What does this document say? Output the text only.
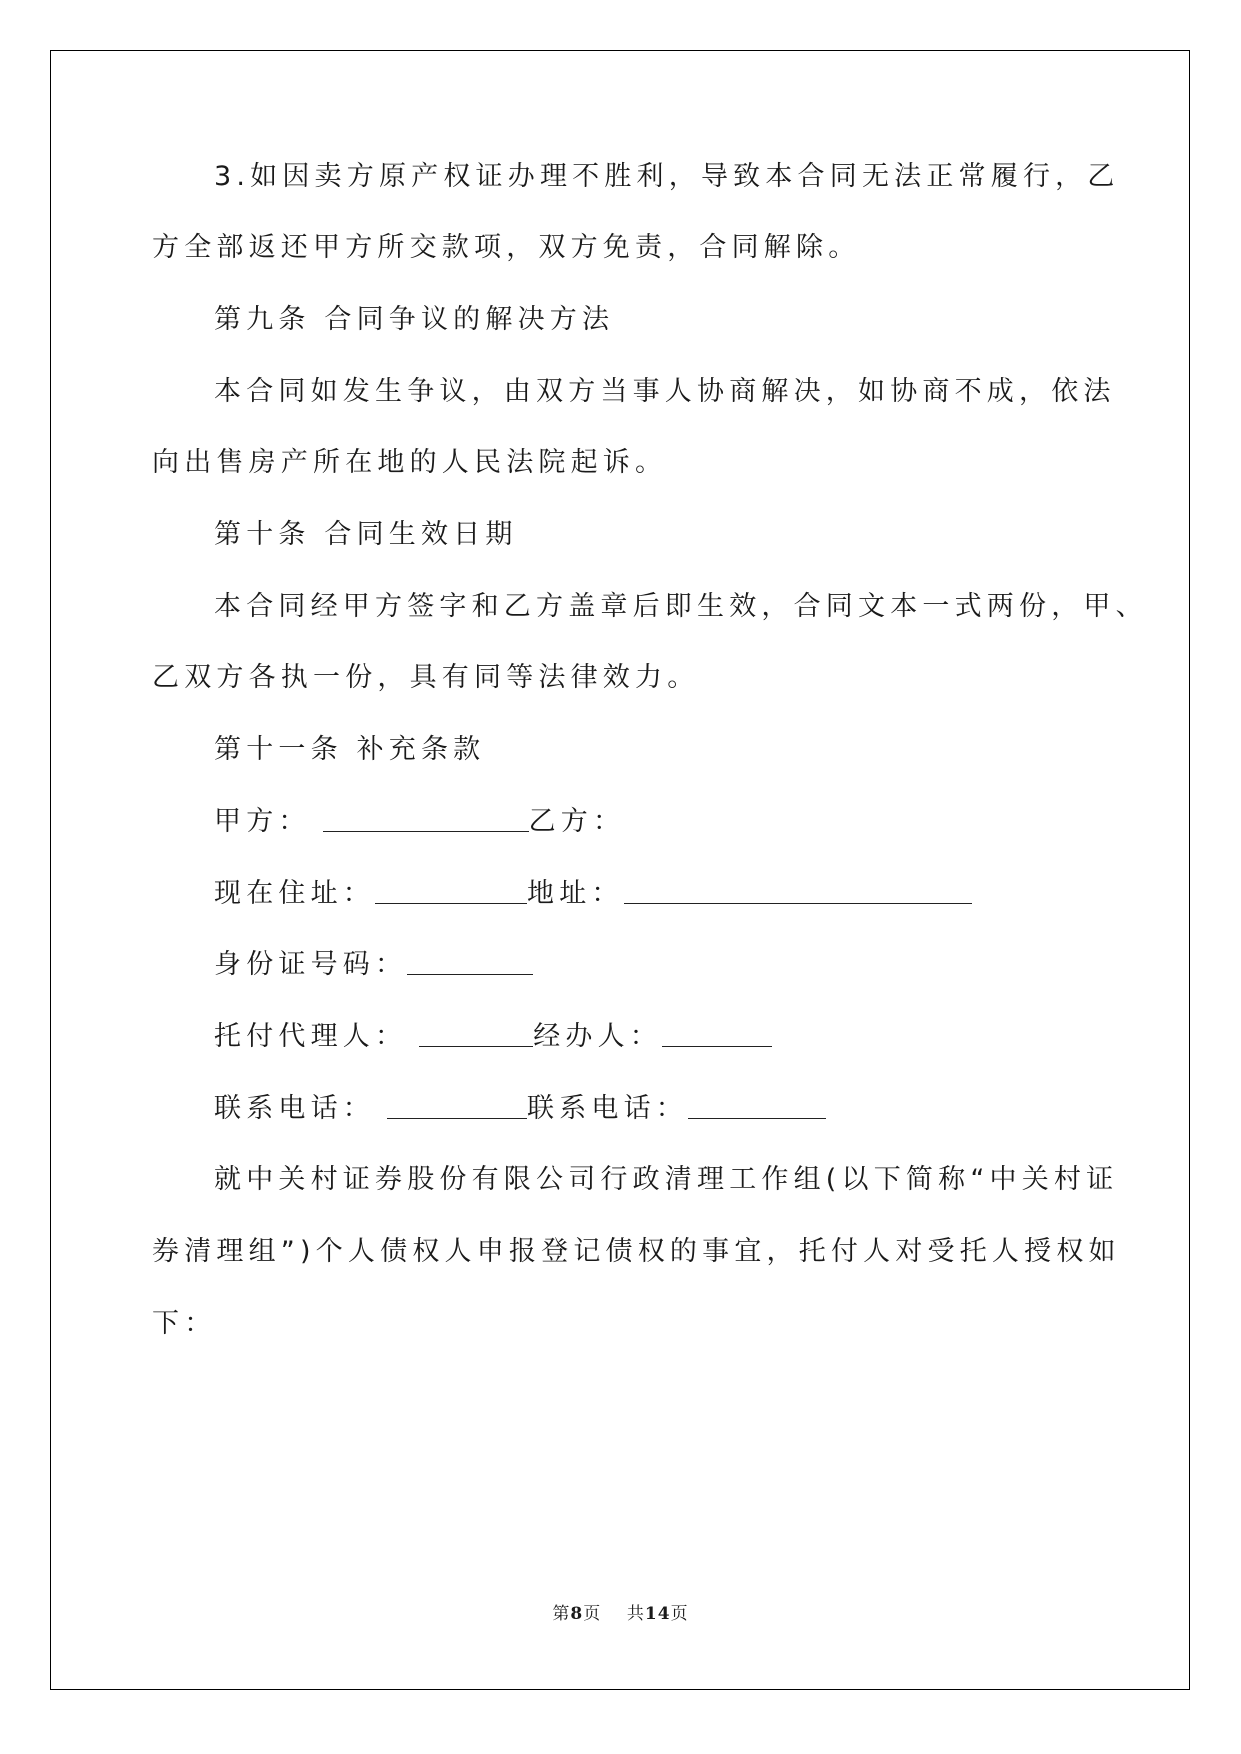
3.如因卖方原产权证办理不胜利，导致本合同无法正常履行，乙
方全部返还甲方所交款项，双方免责，合同解除。
第九条 合同争议的解决方法
本合同如发生争议，由双方当事人协商解决，如协商不成，依法
向出售房产所在地的人民法院起诉。
第十条 合同生效日期
本合同经甲方签字和乙方盖章后即生效，合同文本一式两份，甲、
乙双方各执一份，具有同等法律效力。
第十一条 补充条款
甲方：	乙方：
现在住址：	地址：
身份证号码：
托付代理人：	经办人：
联系电话：	联系电话：
就中关村证券股份有限公司行政清理工作组(以下简称“中关村证
券清理组”)个人债权人申报登记债权的事宜，托付人对受托人授权如
下：
第8页 共14页
